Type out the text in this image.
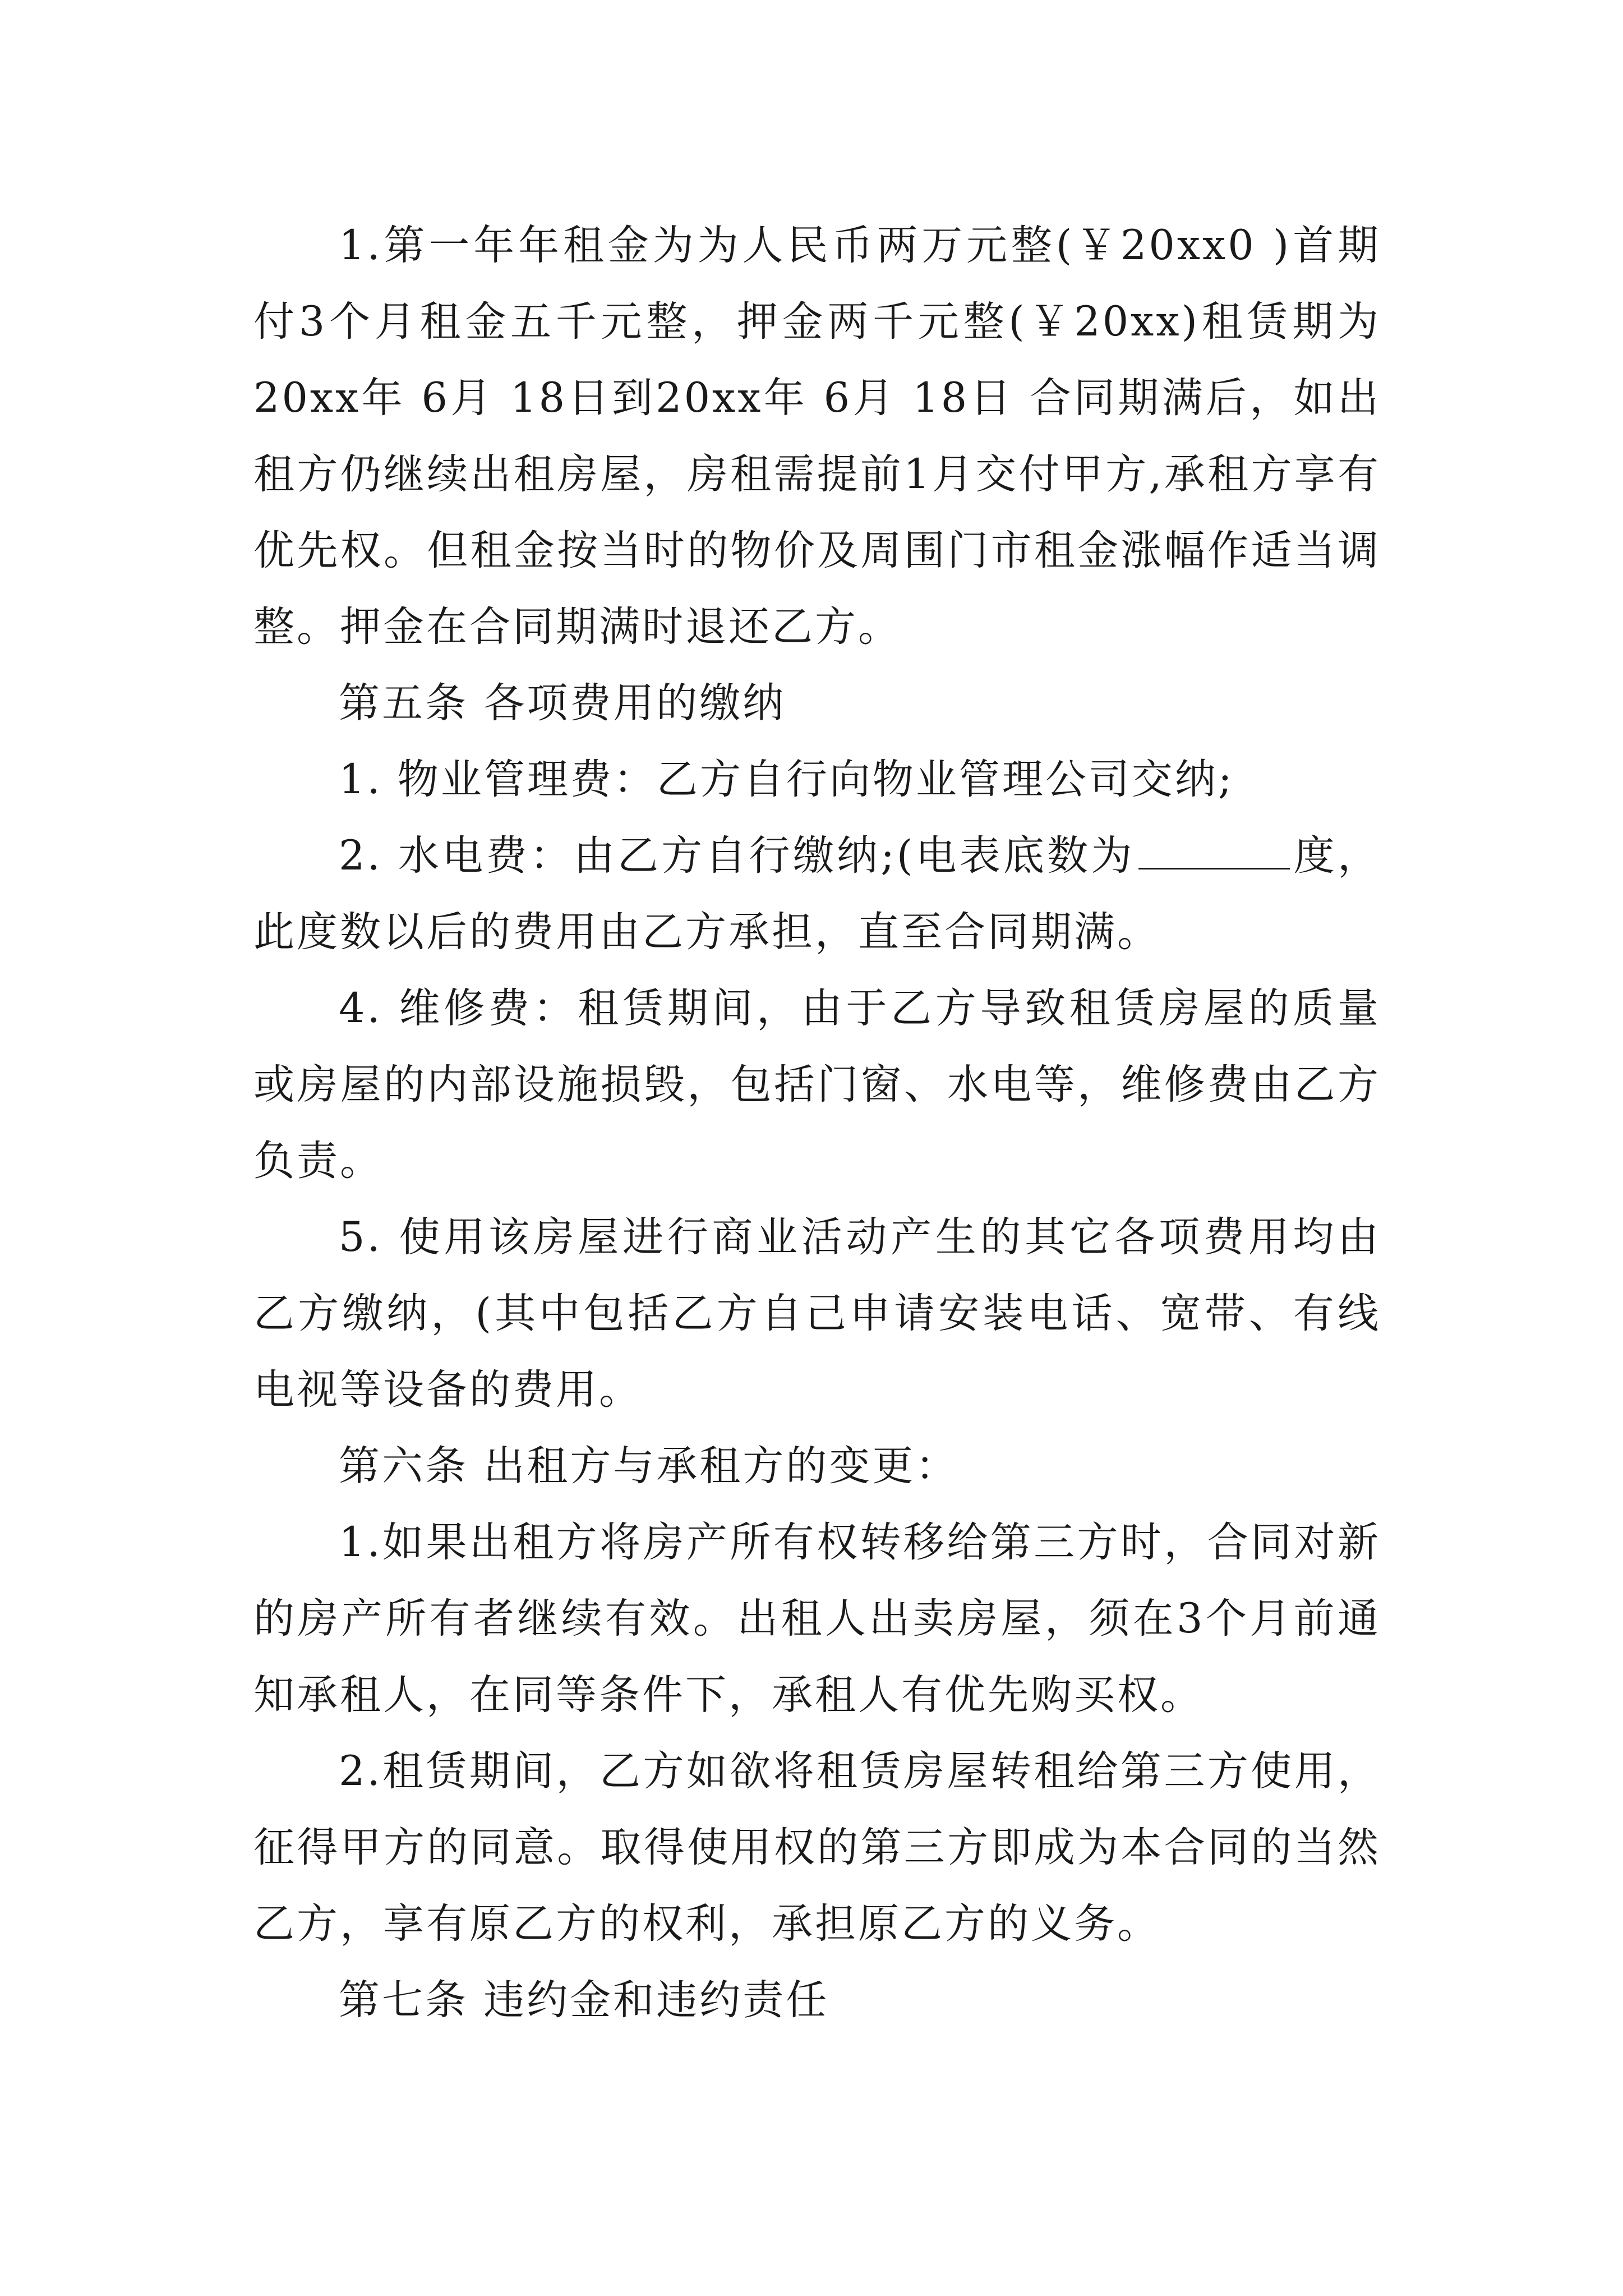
1.第一年年租金为为人民币两万元整(￥20xx0 )首期付3个月租金五千元整，押金两千元整(￥20xx)租赁期为20xx年 6月 18日到20xx年 6月 18日 合同期满后，如出租方仍继续出租房屋，房租需提前1月交付甲方,承租方享有优先权。但租金按当时的物价及周围门市租金涨幅作适当调整。押金在合同期满时退还乙方。

第五条 各项费用的缴纳

1. 物业管理费：乙方自行向物业管理公司交纳;

2. 水电费：由乙方自行缴纳;(电表底数为	度，此度数以后的费用由乙方承担，直至合同期满。

4. 维修费：租赁期间，由于乙方导致租赁房屋的质量或房屋的内部设施损毁，包括门窗、水电等，维修费由乙方负责。

5. 使用该房屋进行商业活动产生的其它各项费用均由乙方缴纳，(其中包括乙方自己申请安装电话、宽带、有线电视等设备的费用。

第六条 出租方与承租方的变更：

1.如果出租方将房产所有权转移给第三方时，合同对新的房产所有者继续有效。出租人出卖房屋，须在3个月前通知承租人，在同等条件下，承租人有优先购买权。

2.租赁期间，乙方如欲将租赁房屋转租给第三方使用，征得甲方的同意。取得使用权的第三方即成为本合同的当然乙方，享有原乙方的权利，承担原乙方的义务。

第七条 违约金和违约责任
